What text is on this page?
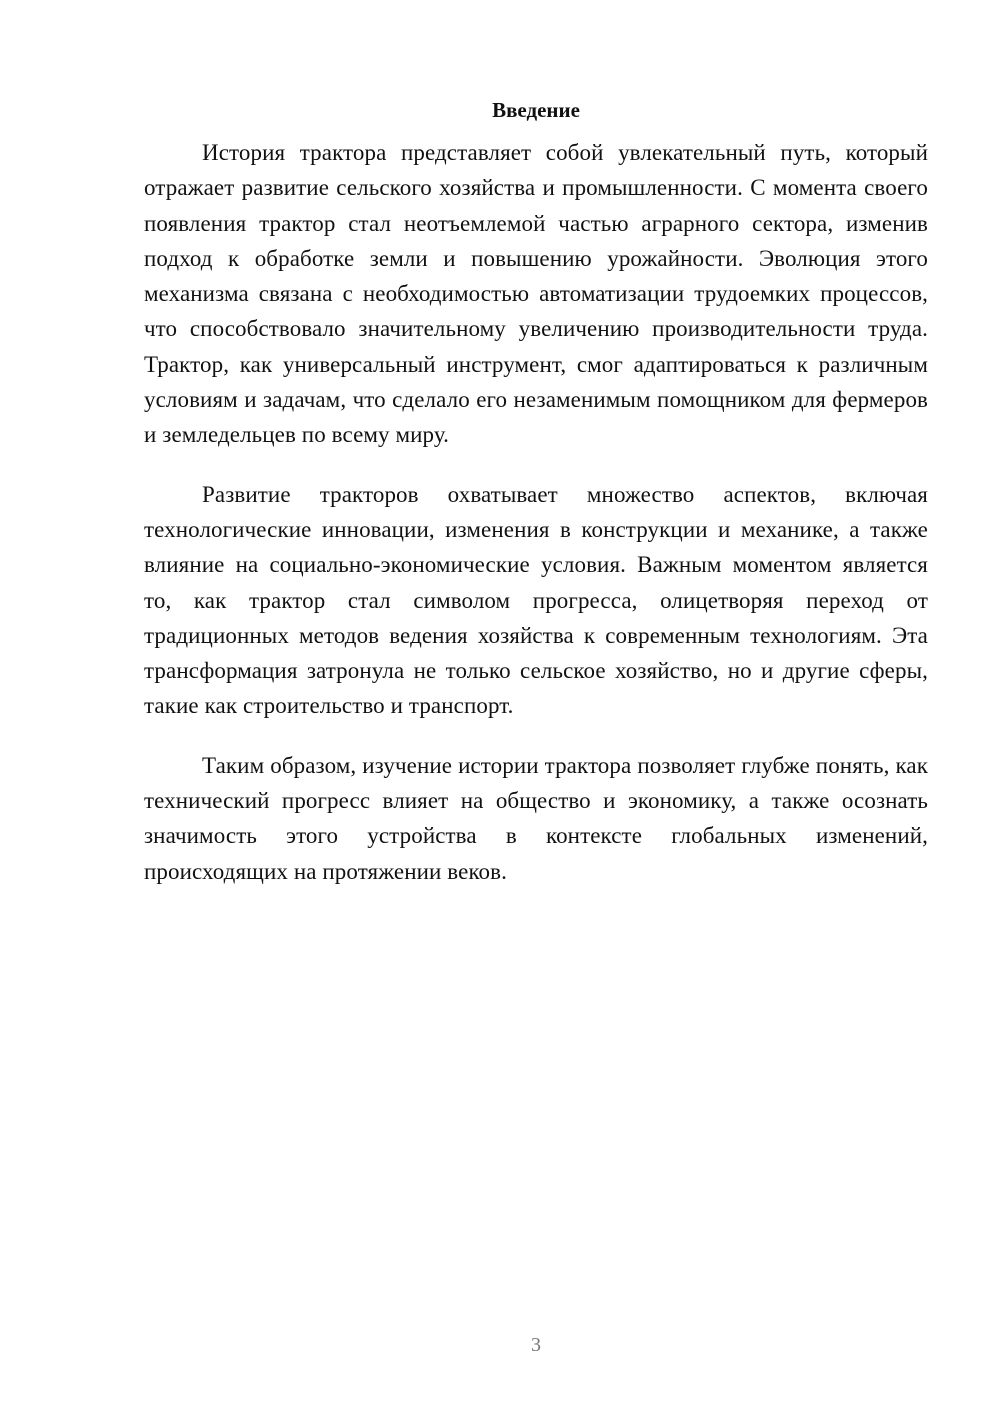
Введение

История трактора представляет собой увлекательный путь, который отражает развитие сельского хозяйства и промышленности. С момента своего появления трактор стал неотъемлемой частью аграрного сектора, изменив подход к обработке земли и повышению урожайности. Эволюция этого механизма связана с необходимостью автоматизации трудоемких процессов, что способствовало значительному увеличению производительности труда. Трактор, как универсальный инструмент, смог адаптироваться к различным условиям и задачам, что сделало его незаменимым помощником для фермеров и земледельцев по всему миру.

Развитие тракторов охватывает множество аспектов, включая технологические инновации, изменения в конструкции и механике, а также влияние на социально-экономические условия. Важным моментом является то, как трактор стал символом прогресса, олицетворяя переход от традиционных методов ведения хозяйства к современным технологиям. Эта трансформация затронула не только сельское хозяйство, но и другие сферы, такие как строительство и транспорт.

Таким образом, изучение истории трактора позволяет глубже понять, как технический прогресс влияет на общество и экономику, а также осознать значимость этого устройства в контексте глобальных изменений, происходящих на протяжении веков.

3
